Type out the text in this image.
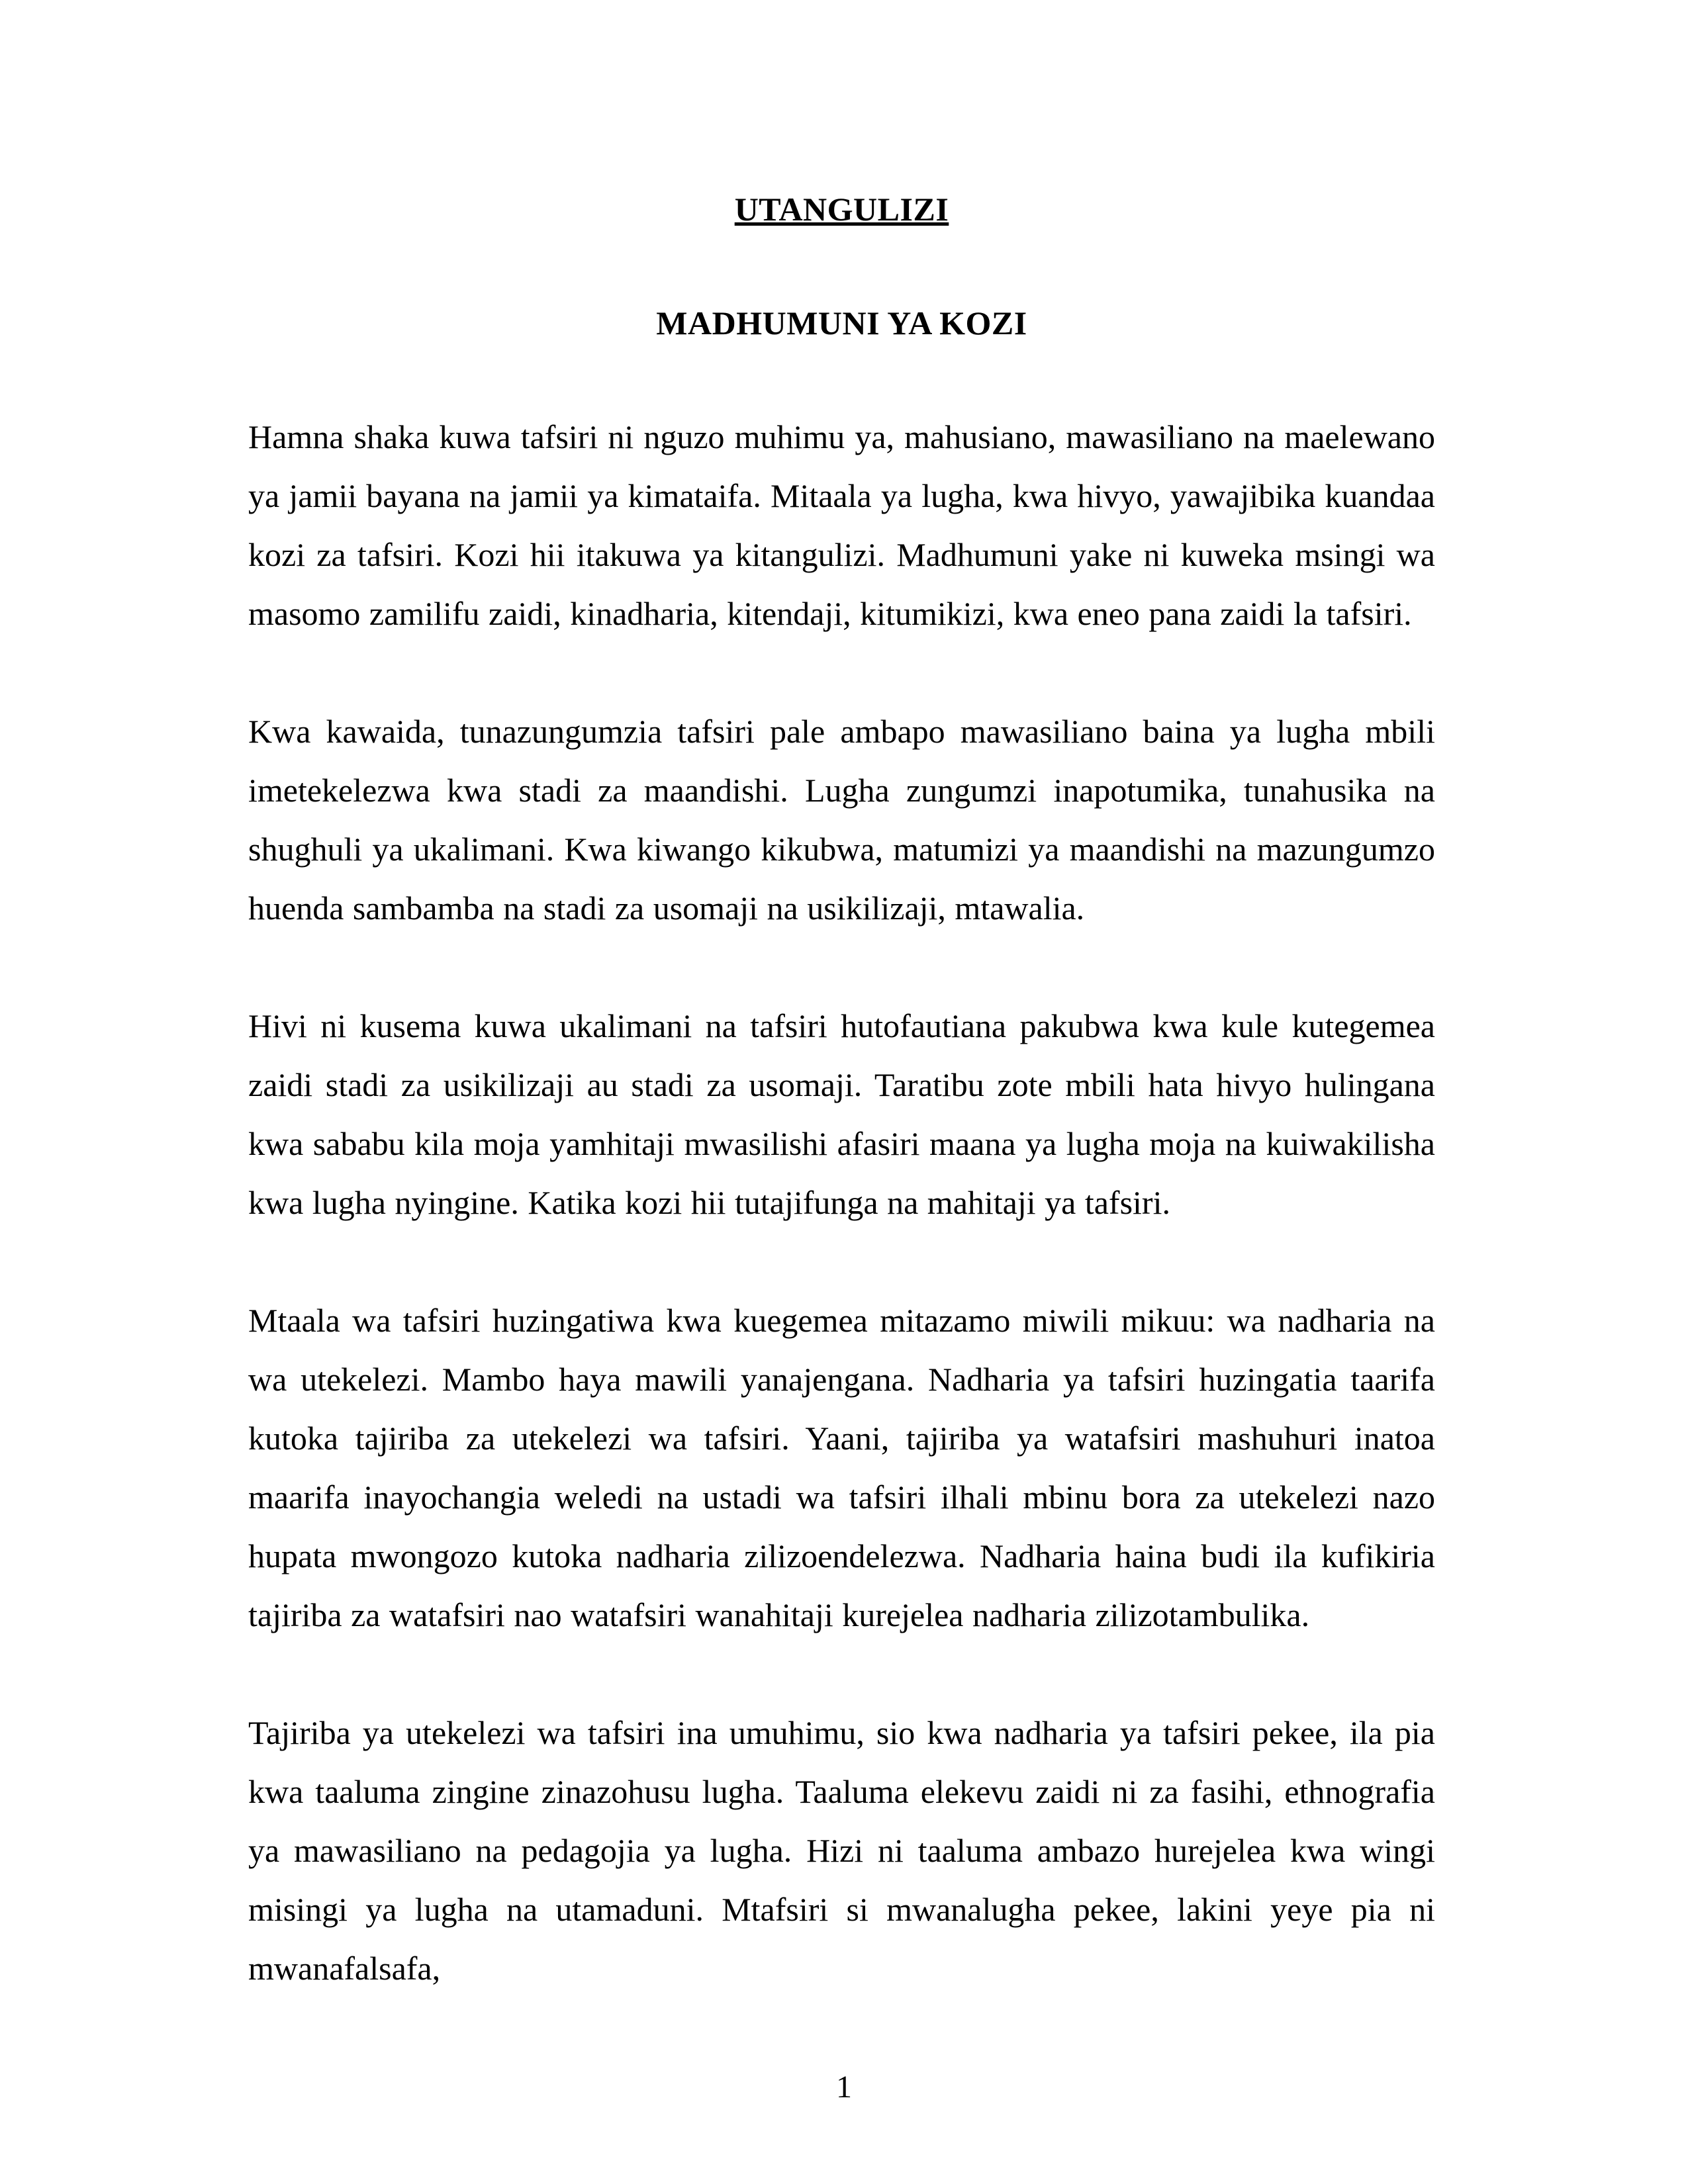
UTANGULIZI
MADHUMUNI YA KOZI

Hamna shaka kuwa tafsiri ni nguzo muhimu ya, mahusiano, mawasiliano na maelewano ya jamii bayana na jamii ya kimataifa. Mitaala ya lugha, kwa hivyo, yawajibika kuandaa kozi za tafsiri. Kozi hii itakuwa ya kitangulizi. Madhumuni yake ni kuweka msingi wa masomo zamilifu zaidi, kinadharia, kitendaji, kitumikizi, kwa eneo pana zaidi la tafsiri.

Kwa kawaida, tunazungumzia tafsiri pale ambapo mawasiliano baina ya lugha mbili imetekelezwa kwa stadi za maandishi. Lugha zungumzi inapotumika, tunahusika na shughuli ya ukalimani. Kwa kiwango kikubwa, matumizi ya maandishi na mazungumzo huenda sambamba na stadi za usomaji na usikilizaji, mtawalia.

Hivi ni kusema kuwa ukalimani na tafsiri hutofautiana pakubwa kwa kule kutegemea zaidi stadi za usikilizaji au stadi za usomaji. Taratibu zote mbili hata hivyo hulingana kwa sababu kila moja yamhitaji mwasilishi afasiri maana ya lugha moja na kuiwakilisha kwa lugha nyingine. Katika kozi hii tutajifunga na mahitaji ya tafsiri.

Mtaala wa tafsiri huzingatiwa kwa kuegemea mitazamo miwili mikuu: wa nadharia na wa utekelezi. Mambo haya mawili yanajengana. Nadharia ya tafsiri huzingatia taarifa kutoka tajiriba za utekelezi wa tafsiri. Yaani, tajiriba ya watafsiri mashuhuri inatoa maarifa inayochangia weledi na ustadi wa tafsiri ilhali mbinu bora za utekelezi nazo hupata mwongozo kutoka nadharia zilizoendelezwa. Nadharia haina budi ila kufikiria tajiriba za watafsiri nao watafsiri wanahitaji kurejelea nadharia zilizotambulika.

Tajiriba ya utekelezi wa tafsiri ina umuhimu, sio kwa nadharia ya tafsiri pekee, ila pia kwa taaluma zingine zinazohusu lugha. Taaluma elekevu zaidi ni za fasihi, ethnografia ya mawasiliano na pedagojia ya lugha. Hizi ni taaluma ambazo hurejelea kwa wingi misingi ya lugha na utamaduni. Mtafsiri si mwanalugha pekee, lakini yeye pia ni mwanafalsafa,

1
